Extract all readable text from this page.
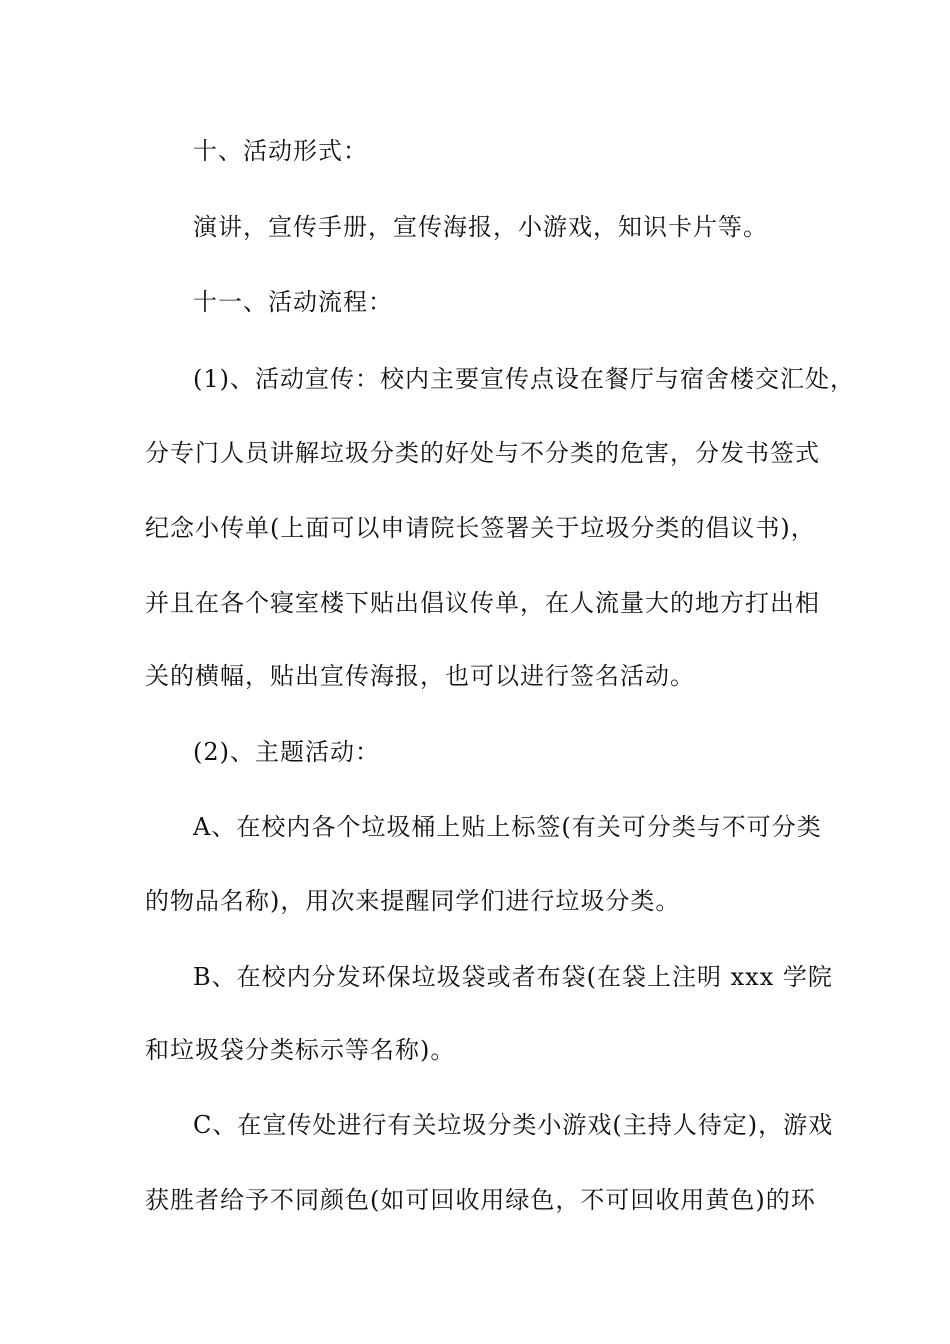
十、活动形式：
演讲，宣传手册，宣传海报，小游戏，知识卡片等。
十一、活动流程：
(1)、活动宣传：校内主要宣传点设在餐厅与宿舍楼交汇处，
分专门人员讲解垃圾分类的好处与不分类的危害，分发书签式
纪念小传单(上面可以申请院长签署关于垃圾分类的倡议书)，
并且在各个寝室楼下贴出倡议传单，在人流量大的地方打出相
关的横幅，贴出宣传海报，也可以进行签名活动。
(2)、主题活动：
A、在校内各个垃圾桶上贴上标签(有关可分类与不可分类
的物品名称)，用次来提醒同学们进行垃圾分类。
B、在校内分发环保垃圾袋或者布袋(在袋上注明 xxx 学院
和垃圾袋分类标示等名称)。
C、在宣传处进行有关垃圾分类小游戏(主持人待定)，游戏
获胜者给予不同颜色(如可回收用绿色，不可回收用黄色)的环
